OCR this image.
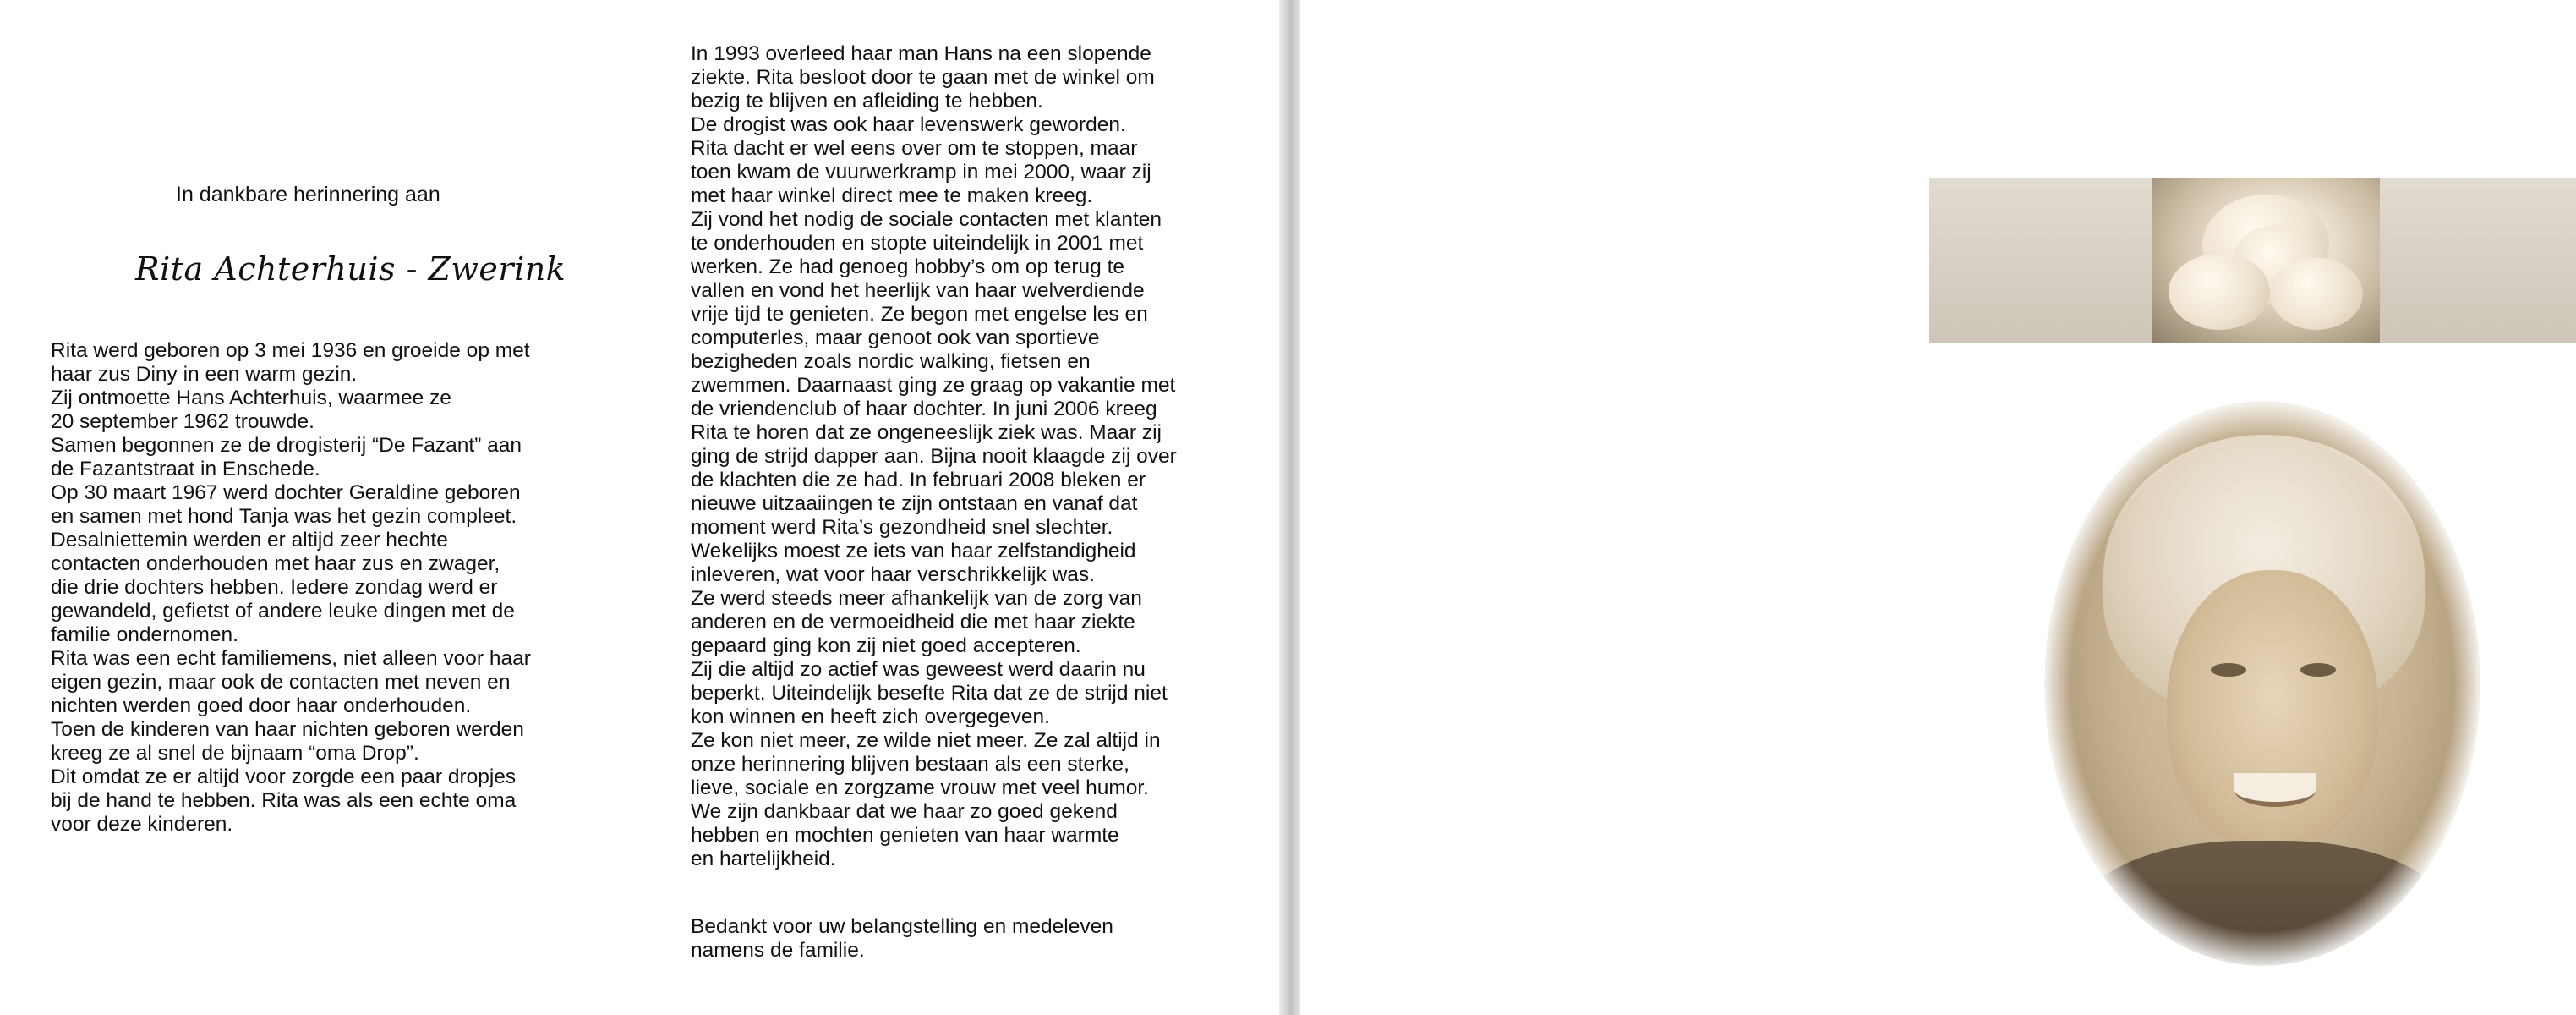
In dankbare herinnering aan
Rita Achterhuis - Zwerink
Rita werd geboren op 3 mei 1936 en groeide op met
haar zus Diny in een warm gezin.
Zij ontmoette Hans Achterhuis, waarmee ze
20 september 1962 trouwde.
Samen begonnen ze de drogisterij “De Fazant” aan
de Fazantstraat in Enschede.
Op 30 maart 1967 werd dochter Geraldine geboren
en samen met hond Tanja was het gezin compleet.
Desalniettemin werden er altijd zeer hechte
contacten onderhouden met haar zus en zwager,
die drie dochters hebben. Iedere zondag werd er
gewandeld, gefietst of andere leuke dingen met de
familie ondernomen.
Rita was een echt familiemens, niet alleen voor haar
eigen gezin, maar ook de contacten met neven en
nichten werden goed door haar onderhouden.
Toen de kinderen van haar nichten geboren werden
kreeg ze al snel de bijnaam “oma Drop”.
Dit omdat ze er altijd voor zorgde een paar dropjes
bij de hand te hebben. Rita was als een echte oma
voor deze kinderen.
In 1993 overleed haar man Hans na een slopende
ziekte. Rita besloot door te gaan met de winkel om
bezig te blijven en afleiding te hebben.
De drogist was ook haar levenswerk geworden.
Rita dacht er wel eens over om te stoppen, maar
toen kwam de vuurwerkramp in mei 2000, waar zij
met haar winkel direct mee te maken kreeg.
Zij vond het nodig de sociale contacten met klanten
te onderhouden en stopte uiteindelijk in 2001 met
werken. Ze had genoeg hobby’s om op terug te
vallen en vond het heerlijk van haar welverdiende
vrije tijd te genieten. Ze begon met engelse les en
computerles, maar genoot ook van sportieve
bezigheden zoals nordic walking, fietsen en
zwemmen. Daarnaast ging ze graag op vakantie met
de vriendenclub of haar dochter. In juni 2006 kreeg
Rita te horen dat ze ongeneeslijk ziek was. Maar zij
ging de strijd dapper aan. Bijna nooit klaagde zij over
de klachten die ze had. In februari 2008 bleken er
nieuwe uitzaaiingen te zijn ontstaan en vanaf dat
moment werd Rita’s gezondheid snel slechter.
Wekelijks moest ze iets van haar zelfstandigheid
inleveren, wat voor haar verschrikkelijk was.
Ze werd steeds meer afhankelijk van de zorg van
anderen en de vermoeidheid die met haar ziekte
gepaard ging kon zij niet goed accepteren.
Zij die altijd zo actief was geweest werd daarin nu
beperkt. Uiteindelijk besefte Rita dat ze de strijd niet
kon winnen en heeft zich overgegeven.
Ze kon niet meer, ze wilde niet meer. Ze zal altijd in
onze herinnering blijven bestaan als een sterke,
lieve, sociale en zorgzame vrouw met veel humor.
We zijn dankbaar dat we haar zo goed gekend
hebben en mochten genieten van haar warmte
en hartelijkheid.
Bedankt voor uw belangstelling en medeleven
namens de familie.
